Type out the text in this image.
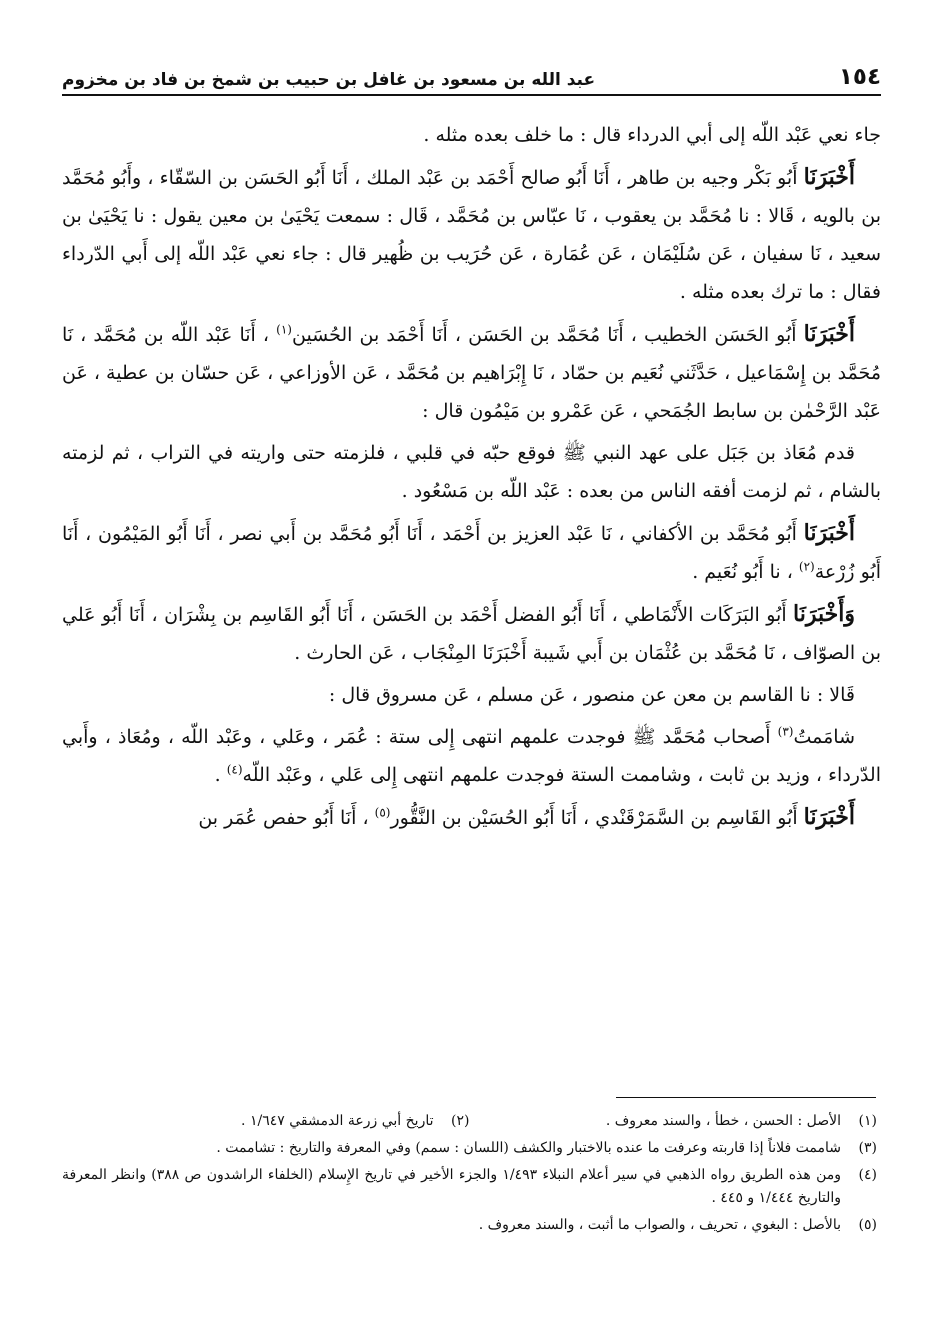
١٥٤
عبد الله بن مسعود بن غافل بن حبيب بن شمخ بن فاد بن مخزوم

جاء نعي عَبْد اللّه إلى أبي الدرداء قال : ما خلف بعده مثله .

أَخْبَرَنَا أَبُو بَكْر وجيه بن طاهر ، أَنَا أَبُو صالح أَحْمَد بن عَبْد الملك ، أَنَا أَبُو الحَسَن بن السّقّاء ، وأَبُو مُحَمَّد بن بالويه ، قَالا : نا مُحَمَّد بن يعقوب ، نَا عبّاس بن مُحَمَّد ، قَال : سمعت يَحْيَىٰ بن معين يقول : نا يَحْيَىٰ بن سعيد ، نَا سفيان ، عَن سُلَيْمَان ، عَن عُمَارة ، عَن حُرَيب بن ظُهير قال : جاء نعي عَبْد اللّه إلى أَبي الدّرداء فقال : ما ترك بعده مثله .

أَخْبَرَنَا أَبُو الحَسَن الخطيب ، أَنَا مُحَمَّد بن الحَسَن ، أَنَا أَحْمَد بن الحُسَين$^{(١)}$ ، أَنَا عَبْد اللّه بن مُحَمَّد ، نَا مُحَمَّد بن إِسْمَاعيل ، حَدَّثَني نُعَيم بن حمّاد ، نَا إِبْرَاهيم بن مُحَمَّد ، عَن الأوزاعي ، عَن حسّان بن عطية ، عَن عَبْد الرَّحْمٰن بن سابط الجُمَحي ، عَن عَمْرو بن مَيْمُون قال :

قدم مُعَاذ بن جَبَل على عهد النبي ﷺ فوقع حبّه في قلبي ، فلزمته حتى واريته في التراب ، ثم لزمته بالشام ، ثم لزمت أفقه الناس من بعده : عَبْد اللّه بن مَسْعُود .

أَخْبَرَنَا أَبُو مُحَمَّد بن الأكفاني ، نَا عَبْد العزيز بن أَحْمَد ، أَنَا أَبُو مُحَمَّد بن أَبي نصر ، أَنَا أَبُو المَيْمُون ، أَنَا أَبُو زُرْعة$^{(٢)}$ ، نا أَبُو نُعَيم .

وَأَخْبَرَنَا أَبُو البَرَكَات الأَنْمَاطي ، أَنَا أَبُو الفضل أَحْمَد بن الحَسَن ، أَنَا أَبُو القَاسِم بن بِشْرَان ، أَنَا أَبُو عَلي بن الصوّاف ، نَا مُحَمَّد بن عُثْمَان بن أَبي شَيبة أَخْبَرَنَا المِنْجَاب ، عَن الحارث .

قَالا : نا القاسم بن معن عن منصور ، عَن مسلم ، عَن مسروق قال :

شامَمتُ$^{(٣)}$ أَصحاب مُحَمَّد ﷺ فوجدت علمهم انتهى إِلى ستة : عُمَر ، وعَلي ، وعَبْد اللّه ، ومُعَاذ ، وأَبي الدّرداء ، وزيد بن ثابت ، وشاممت الستة فوجدت علمهم انتهى إِلى عَلي ، وعَبْد اللّه$^{(٤)}$ .

أَخْبَرَنَا أَبُو القَاسِم بن السَّمَرْقَنْدي ، أَنَا أَبُو الحُسَيْن بن النَّقُّور$^{(٥)}$ ، أَنَا أَبُو حفص عُمَر بن

(١)
الأصل : الحسن ، خطأ ، والسند معروف .
(٢)
تاريخ أبي زرعة الدمشقي ١/٦٤٧ .
(٣)
شاممت فلاناً إذا قاربته وعرفت ما عنده بالاختبار والكشف (اللسان : سمم) وفي المعرفة والتاريخ : تشاممت .
(٤)
ومن هذه الطريق رواه الذهبي في سير أعلام النبلاء ١/٤٩٣ والجزء الأخير في تاريخ الإِسلام (الخلفاء الراشدون ص ٣٨٨) وانظر المعرفة والتاريخ ١/٤٤٤ و ٤٤٥ .
(٥)
بالأصل : البغوي ، تحريف ، والصواب ما أثبت ، والسند معروف .
